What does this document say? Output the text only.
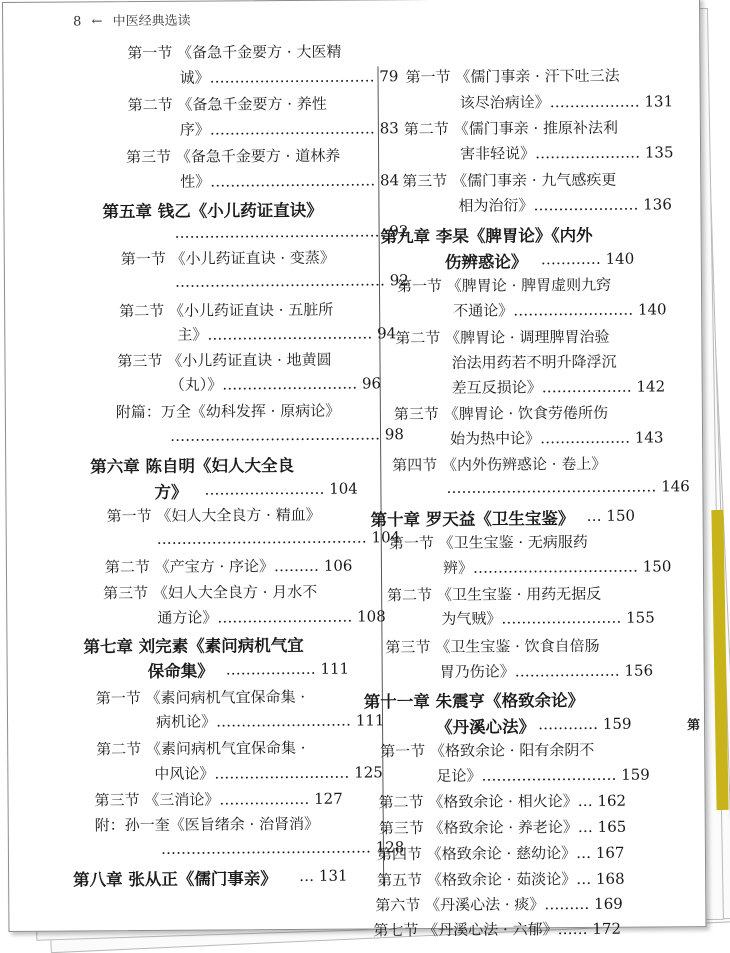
8 ← 中医经典选读
第一节 《备急千金要方 · 大医精
诚》…………………………… 79
第二节 《备急千金要方 · 养性
序》…………………………… 83
第三节 《备急千金要方 · 道林养
性》…………………………… 84
第五章 钱乙《小儿药证直诀》
…………………………………… 92
第一节 《小儿药证直诀 · 变蒸》
…………………………………… 92
第二节 《小儿药证直诀 · 五脏所
主》…………………………… 94
第三节 《小儿药证直诀 · 地黄圆
（丸）》……………………… 96
附篇：万全《幼科发挥 · 原病论》
…………………………………… 98
第六章 陈自明《妇人大全良
方》 …………………… 104
第一节 《妇人大全良方 · 精血》
…………………………………… 104
第二节 《产宝方 · 序论》……… 106
第三节 《妇人大全良方 · 月水不
通方论》……………………… 108
第七章 刘完素《素问病机气宜
保命集》 ……………… 111
第一节 《素问病机气宜保命集 ·
病机论》……………………… 111
第二节 《素问病机气宜保命集 ·
中风论》……………………… 125
第三节 《三消论》……………… 127
附：孙一奎《医旨绪余 · 治肾消》
…………………………………… 128
第八章 张从正《儒门事亲》 … 131
第一节 《儒门事亲 · 汗下吐三法
该尽治病诠》……………… 131
第二节 《儒门事亲 · 推原补法利
害非轻说》………………… 135
第三节 《儒门事亲 · 九气感疾更
相为治衍》………………… 136
第九章 李杲《脾胃论》《内外
伤辨惑论》 ………… 140
第一节 《脾胃论 · 脾胃虚则九窍
不通论》…………………… 140
第二节 《脾胃论 · 调理脾胃治验
治法用药若不明升降浮沉
差互反损论》……………… 142
第三节 《脾胃论 · 饮食劳倦所伤
始为热中论》……………… 143
第四节 《内外伤辨惑论 · 卷上》
…………………………………… 146
第十章 罗天益《卫生宝鉴》 … 150
第一节 《卫生宝鉴 · 无病服药
辨》…………………………… 150
第二节 《卫生宝鉴 · 用药无据反
为气贼》…………………… 155
第三节 《卫生宝鉴 · 饮食自倍肠
胃乃伤论》………………… 156
第十一章 朱震亨《格致余论》
《丹溪心法》 ………… 159
第一节 《格致余论 · 阳有余阴不
足论》……………………… 159
第二节 《格致余论 · 相火论》… 162
第三节 《格致余论 · 养老论》… 165
第四节 《格致余论 · 慈幼论》… 167
第五节 《格致余论 · 茹淡论》… 168
第六节 《丹溪心法 · 痰》……… 169
第七节 《丹溪心法 · 六郁》…… 172
第
